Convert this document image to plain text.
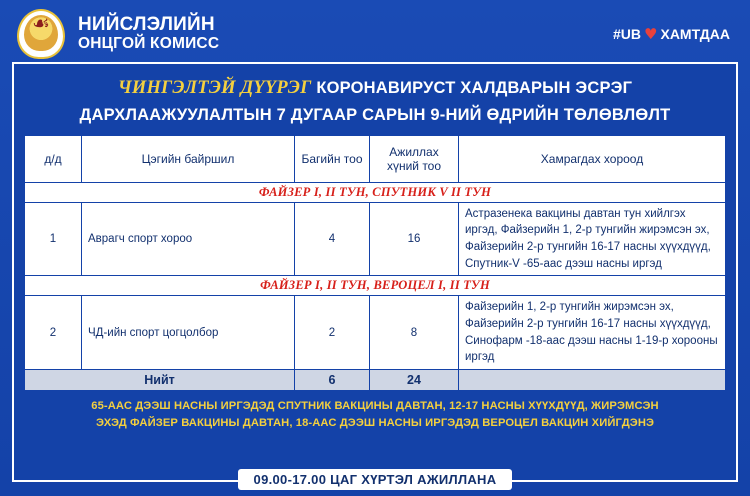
☙	НИЙСЛЭЛИЙН
ОНЦГОЙ КОМИСС
#UB ♥ ХАМТДАА
ЧИНГЭЛТЭЙ ДҮҮРЭГ КОРОНАВИРУСТ ХАЛДВАРЫН ЭСРЭГ
ДАРХЛААЖУУЛАЛТЫН 7 ДУГААР САРЫН 9-НИЙ ӨДРИЙН ТӨЛӨВЛӨЛТ
д/д	Цэгийн байршил	Багийн тоо	Ажиллах хүний тоо	Хамрагдах хороод
ФАЙЗЕР I, II ТУН, СПУТНИК V II ТУН				
1	Аврагч спорт хороо	4	16	Астразенека вакцины давтан тун хийлгэх иргэд, Файзерийн 1, 2-р тунгийн жирэмсэн эх, Файзерийн 2-р тунгийн 16-17 насны хүүхдүүд, Спутник-V -65-аас дээш насны иргэд
ФАЙЗЕР I, II ТУН, ВЕРОЦЕЛ I, II ТУН				
2	ЧД-ийн спорт цогцолбор	2	8	Файзерийн 1, 2-р тунгийн жирэмсэн эх, Файзерийн 2-р тунгийн 16-17 насны хүүхдүүд, Синофарм -18-аас дээш насны 1-19-р хорооны иргэд
Нийт		6	24	
65-ААС ДЭЭШ НАСНЫ ИРГЭДЭД СПУТНИК ВАКЦИНЫ ДАВТАН, 12-17 НАСНЫ ХҮҮХДҮҮД, ЖИРЭМСЭН
ЭХЭД ФАЙЗЕР ВАКЦИНЫ ДАВТАН, 18-ААС ДЭЭШ НАСНЫ ИРГЭДЭД ВЕРОЦЕЛ ВАКЦИН ХИЙГДЭНЭ
09.00-17.00 ЦАГ ХҮРТЭЛ АЖИЛЛАНА
